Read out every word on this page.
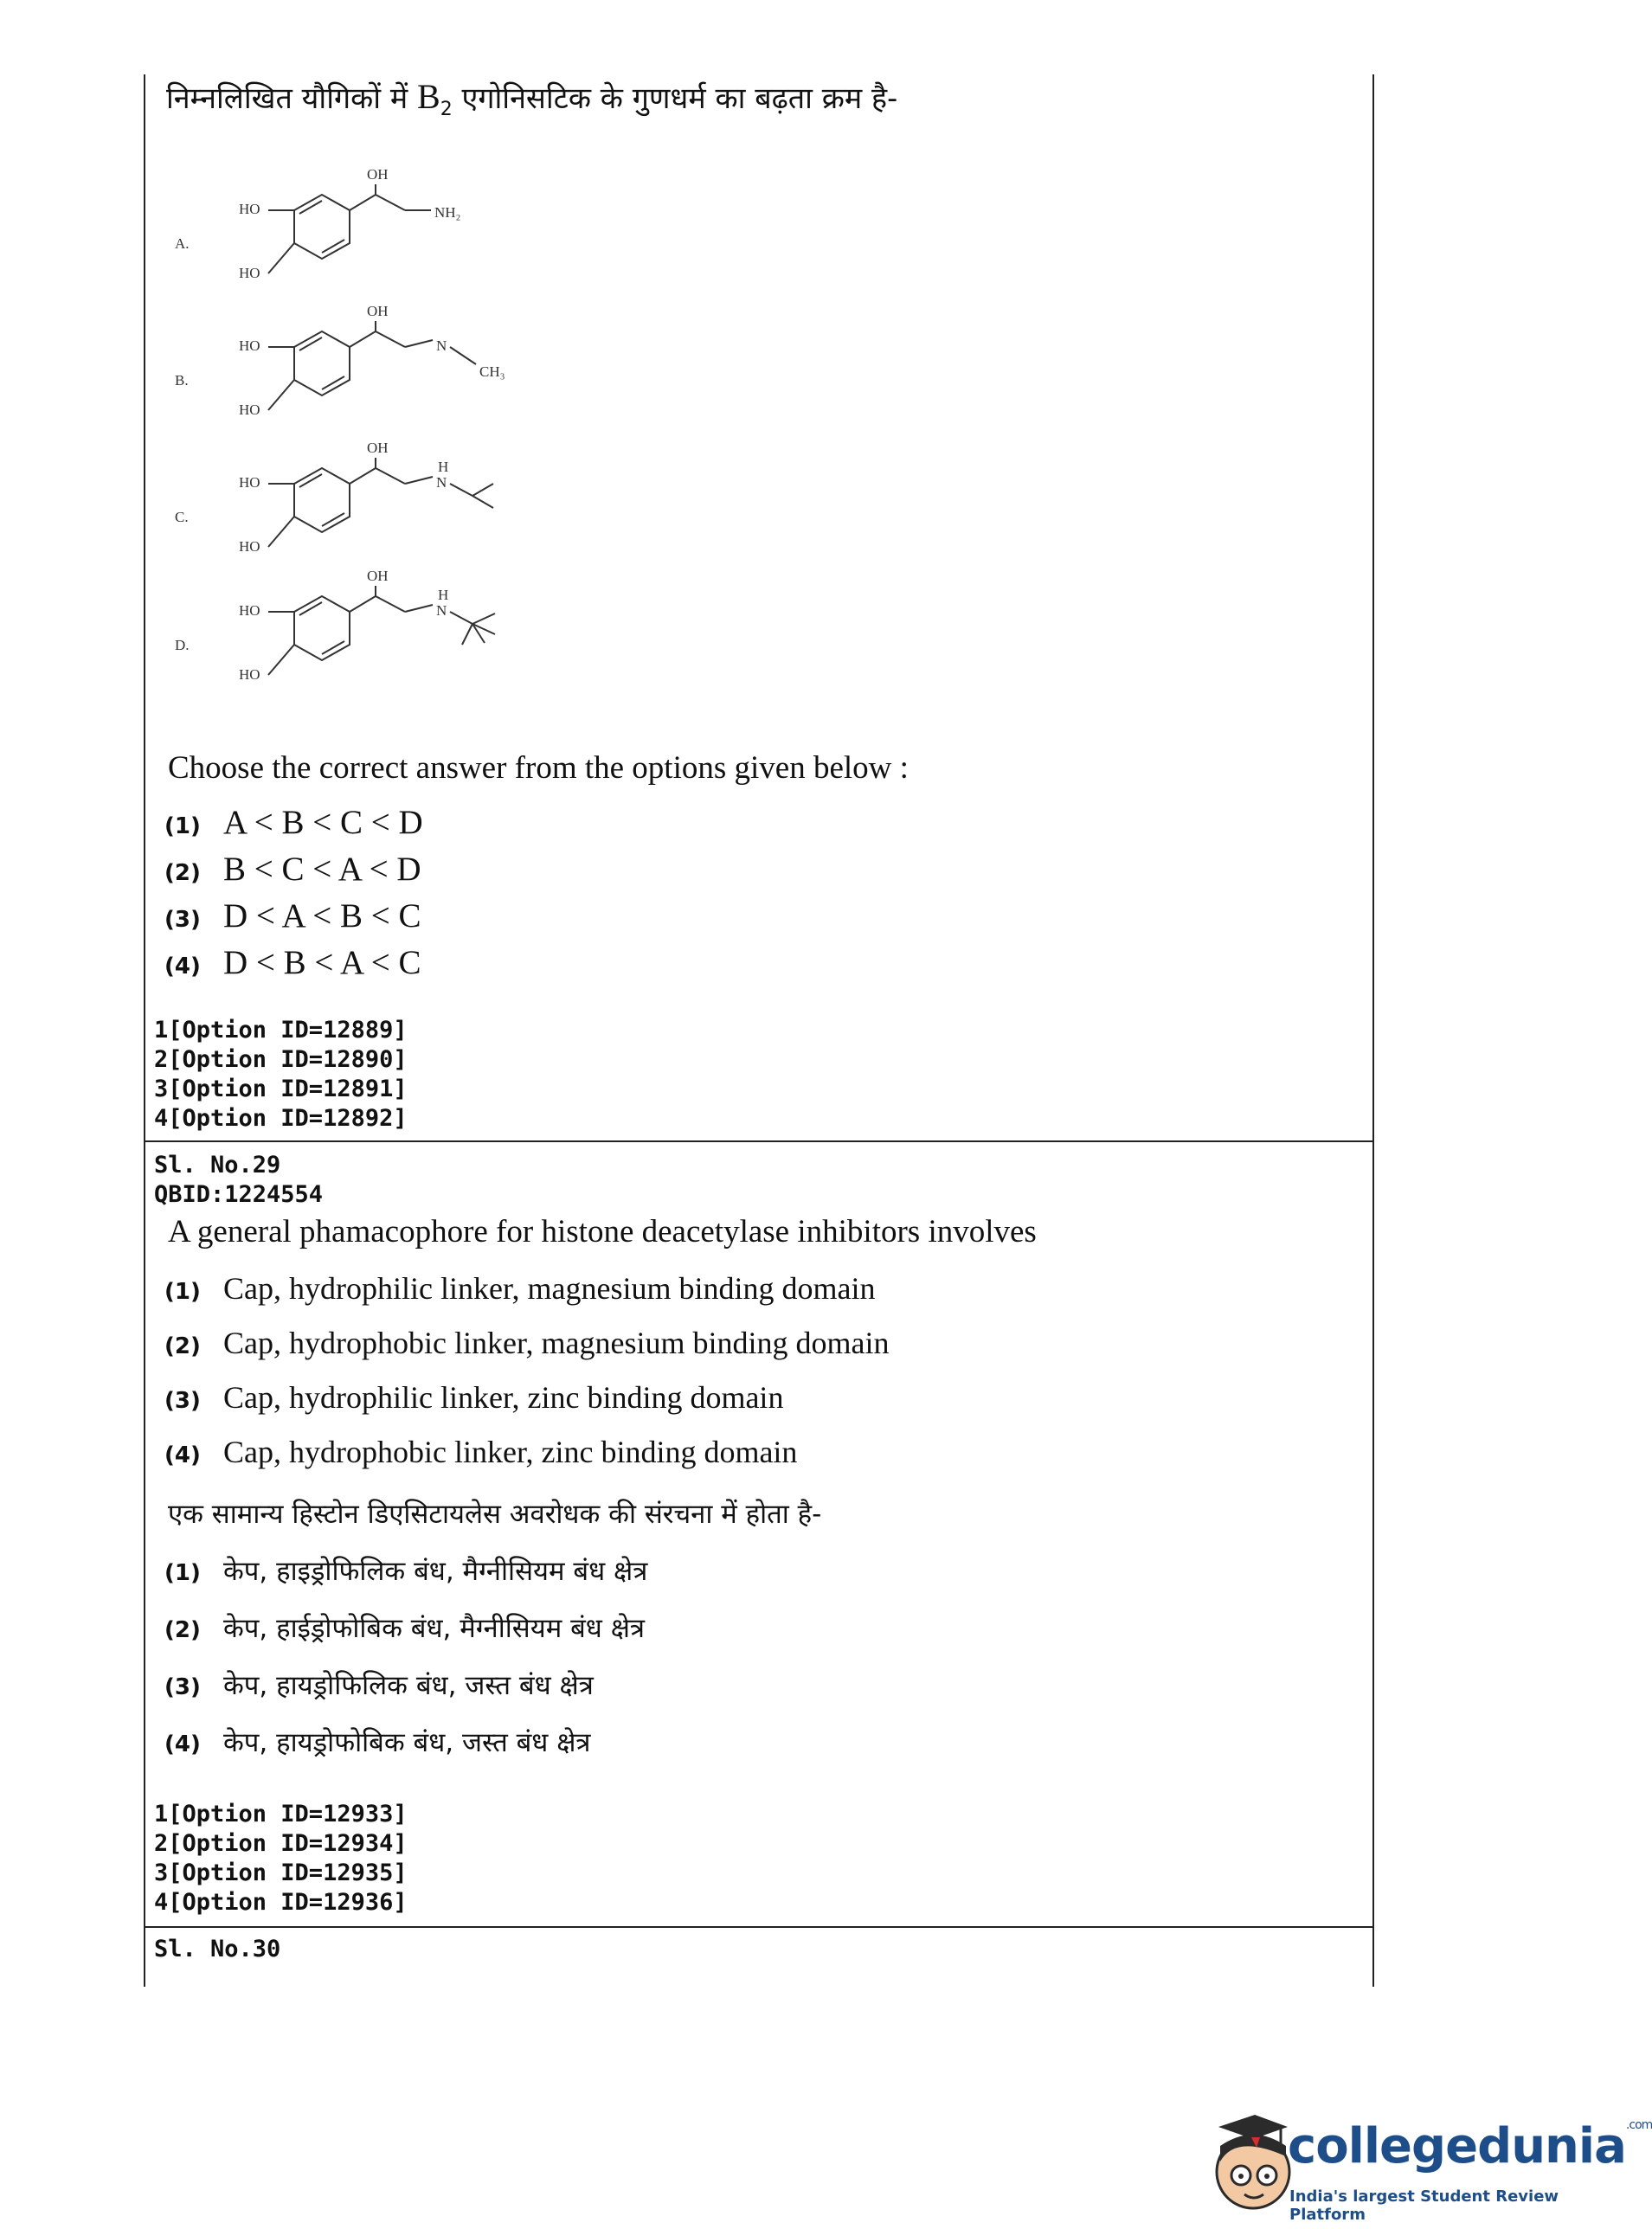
निम्नलिखित यौगिकों में $B_2$ एगोनिसटिक के गुणधर्म का बढ़ता क्रम है-
A.
HO
HO
OH
NH₂
B.
HO
HO
OH
N
CH₃
C.
HO
HO
OH
H
N
D.
HO
HO
OH
H
N
Choose the correct answer from the options given below :
(1) A < B < C < D
(2) B < C < A < D
(3) D < A < B < C
(4) D < B < A < C
1[Option ID=12889]
2[Option ID=12890]
3[Option ID=12891]
4[Option ID=12892]
Sl. No.29
QBID:1224554
A general phamacophore for histone deacetylase inhibitors involves
(1) Cap, hydrophilic linker, magnesium binding domain
(2) Cap, hydrophobic linker, magnesium binding domain
(3) Cap, hydrophilic linker, zinc binding domain
(4) Cap, hydrophobic linker, zinc binding domain
एक सामान्य हिस्टोन डिएसिटायलेस अवरोधक की संरचना में होता है-
(1) केप, हाइड्रोफिलिक बंध, मैग्नीसियम बंध क्षेत्र
(2) केप, हाईड्रोफोबिक बंध, मैग्नीसियम बंध क्षेत्र
(3) केप, हायड्रोफिलिक बंध, जस्त बंध क्षेत्र
(4) केप, हायड्रोफोबिक बंध, जस्त बंध क्षेत्र
1[Option ID=12933]
2[Option ID=12934]
3[Option ID=12935]
4[Option ID=12936]
Sl. No.30
collegedunia$^{.com}$
India's largest Student Review Platform
